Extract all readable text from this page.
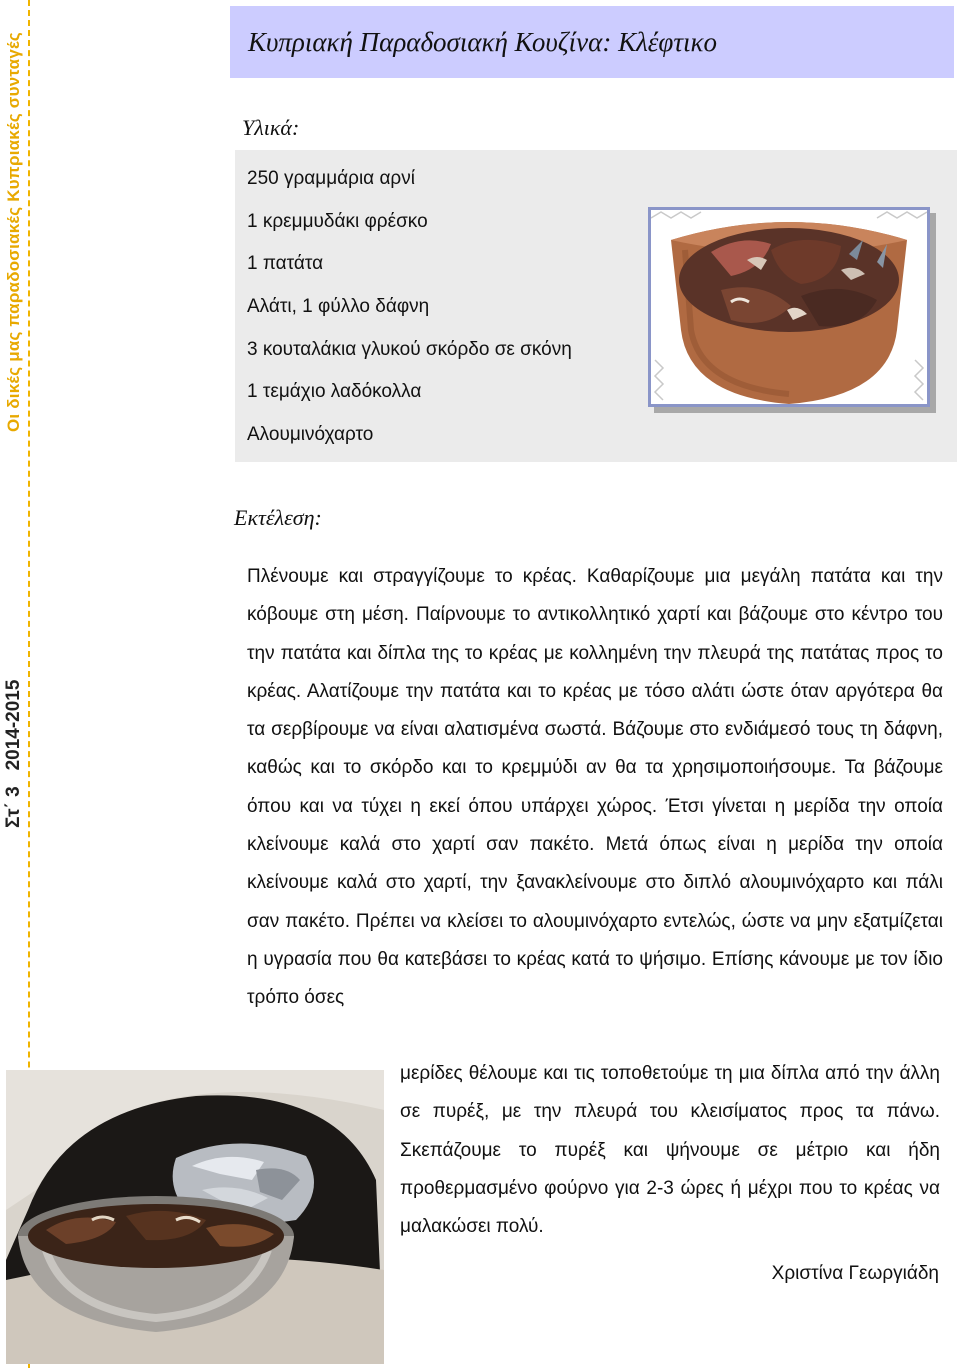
Οι δικές μας παραδοσιακές Κυπριακές συνταγές
Στ΄ 3   2014-2015
Κυπριακή Παραδοσιακή Κουζίνα: Κλέφτικο
Υλικά:
250 γραμμάρια αρνί
1 κρεμμυδάκι φρέσκο
1 πατάτα
Αλάτι, 1 φύλλο δάφνη
3 κουταλάκια γλυκού σκόρδο σε σκόνη
1 τεμάχιο λαδόκολλα
Αλουμινόχαρτο
Εκτέλεση:

Πλένουμε και στραγγίζουμε το κρέας. Καθαρίζουμε μια μεγάλη πατάτα και την κόβουμε στη μέση. Παίρνουμε το αντικολλητικό χαρτί και βάζουμε στο κέντρο του την πατάτα και δίπλα της το κρέας με κολλημένη την πλευρά της πατάτας προς το κρέας. Αλατίζουμε την πατάτα και το κρέας με τόσο αλάτι ώστε όταν αργότερα θα τα σερβίρουμε να είναι αλατισμένα σωστά. Βάζουμε στο ενδιάμεσό τους τη δάφνη, καθώς και το σκόρδο και το κρεμμύδι αν θα τα χρησιμοποιήσουμε. Τα βάζουμε όπου και να τύχει η εκεί όπου υπάρχει χώρος. Έτσι γίνεται η μερίδα την οποία κλείνουμε καλά στο χαρτί σαν πακέτο. Μετά όπως είναι η μερίδα την οποία κλείνουμε καλά στο χαρτί, την ξανακλείνουμε στο διπλό αλουμινόχαρτο και πάλι σαν πακέτο. Πρέπει να κλείσει το αλουμινόχαρτο εντελώς, ώστε να μην εξατμίζεται η υγρασία που θα κατεβάσει το κρέας κατά το ψήσιμο. Επίσης κάνουμε με τον ίδιο τρόπο όσες

μερίδες θέλουμε και τις τοποθετούμε τη μια δίπλα από την άλλη σε πυρέξ, με την πλευρά του κλεισίματος προς τα πάνω. Σκεπάζουμε το πυρέξ και ψήνουμε σε μέτριο και ήδη προθερμασμένο φούρνο για 2-3 ώρες ή μέχρι που το κρέας να μαλακώσει πολύ.

Χριστίνα Γεωργιάδη
